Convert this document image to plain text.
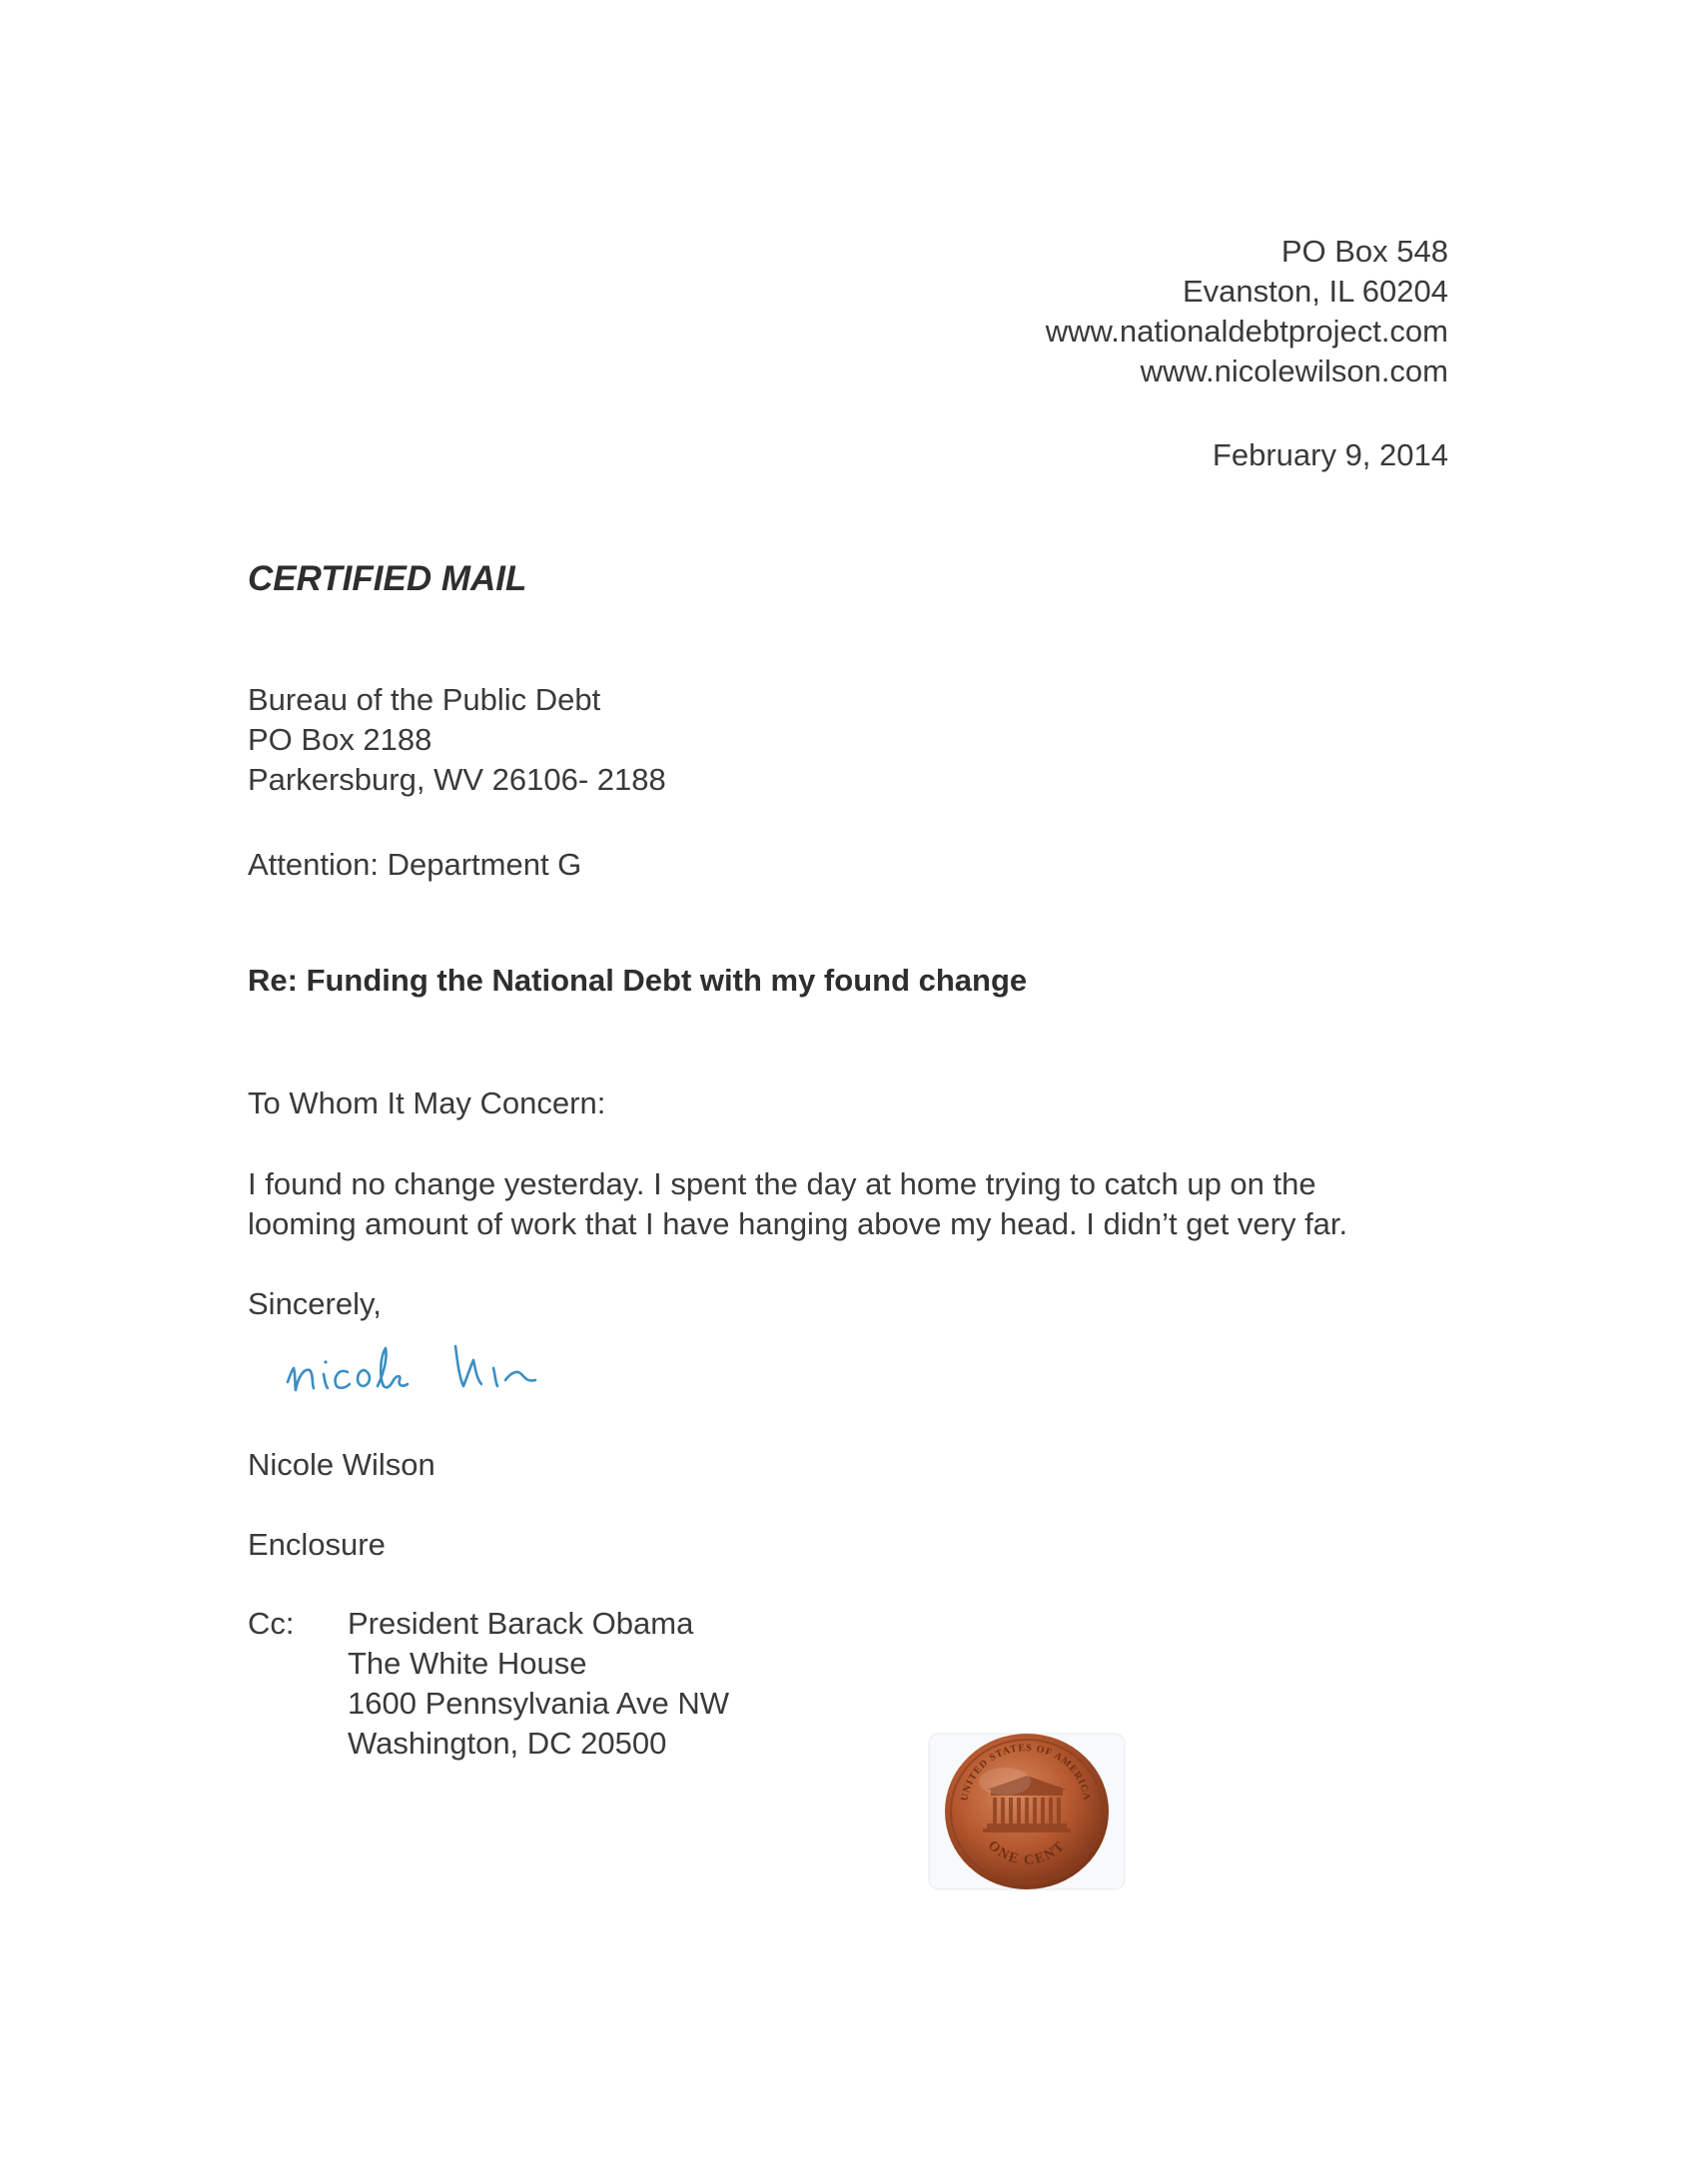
PO Box 548
Evanston, IL 60204
www.nationaldebtproject.com
www.nicolewilson.com
February 9, 2014
CERTIFIED MAIL
Bureau of the Public Debt
PO Box 2188
Parkersburg, WV 26106- 2188
Attention: Department G
Re: Funding the National Debt with my found change
To Whom It May Concern:
I found no change yesterday. I spent the day at home trying to catch up on the
looming amount of work that I have hanging above my head. I didn’t get very far.
Sincerely,
Nicole Wilson
Enclosure
Cc: President Barack Obama
The White House
1600 Pennsylvania Ave NW
Washington, DC 20500
UNITED STATES OF AMERICA
ONE CENT
